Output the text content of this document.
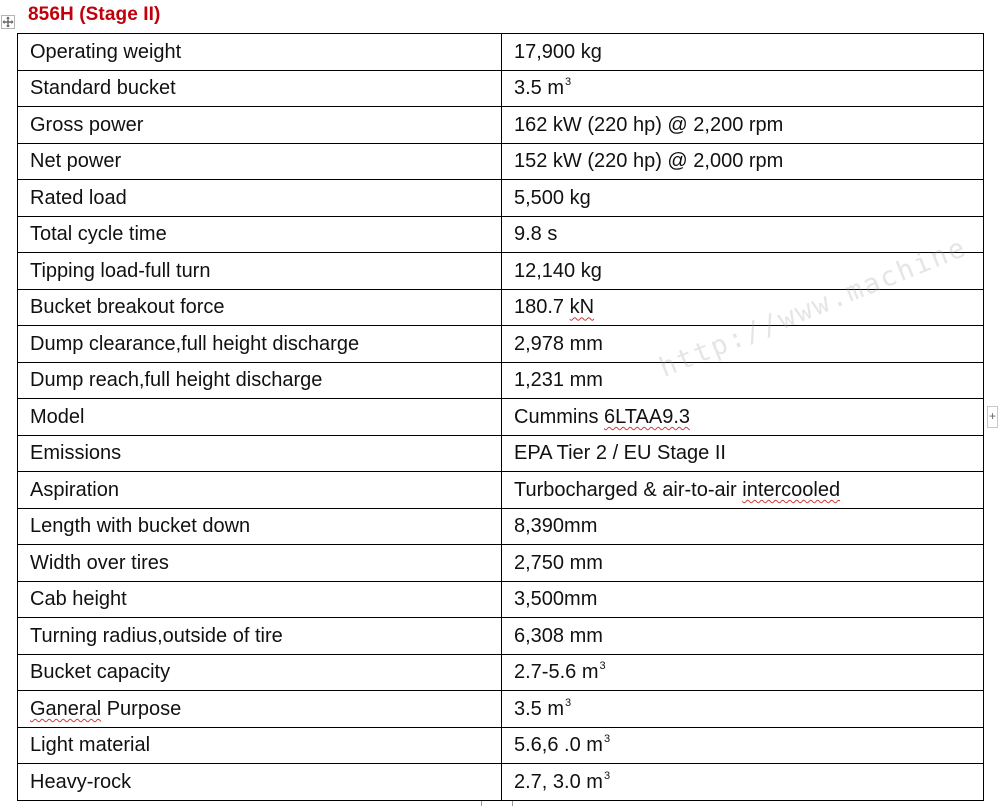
856H (Stage II)
Operating weight	17,900 kg
Standard bucket	3.5 $m^3$
Gross power	162 kW (220 hp) @ 2,200 rpm
Net power	152 kW (220 hp) @ 2,000 rpm
Rated load	5,500 kg
Total cycle time	9.8 s
Tipping load-full turn	12,140 kg
Bucket breakout force	180.7 kN
Dump clearance,full height discharge	2,978 mm
Dump reach,full height discharge	1,231 mm
Model	Cummins 6LTAA9.3
Emissions	EPA Tier 2 / EU Stage II
Aspiration	Turbocharged & air-to-air intercooled
Length with bucket down	8,390mm
Width over tires	2,750 mm
Cab height	3,500mm
Turning radius,outside of tire	6,308 mm
Bucket capacity	2.7-5.6 $m^3$
Ganeral Purpose	3.5 $m^3$
Light material	5.6,6 .0 $m^3$
Heavy-rock	2.7, 3.0 $m^3$
http://www.machine
+
